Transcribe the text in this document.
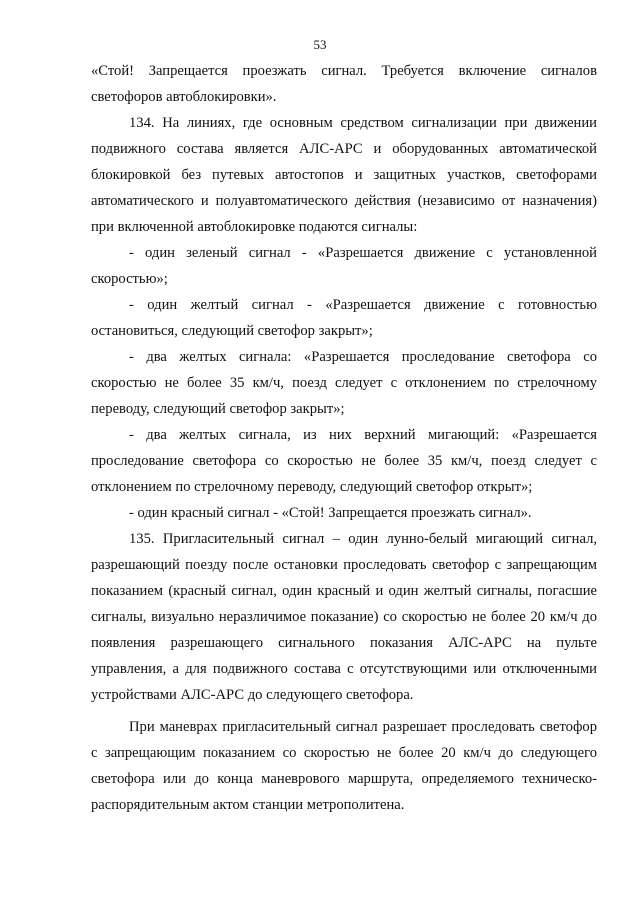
53

«Стой! Запрещается проезжать сигнал. Требуется включение сигналов светофоров автоблокировки».

134. На линиях, где основным средством сигнализации при движении подвижного состава является АЛС-АРС и оборудованных автоматической блокировкой без путевых автостопов и защитных участков, светофорами автоматического и полуавтоматического действия (независимо от назначения) при включенной автоблокировке подаются сигналы:

- один зеленый сигнал - «Разрешается движение с установленной скоростью»;

- один желтый сигнал - «Разрешается движение с готовностью остановиться, следующий светофор закрыт»;

- два желтых сигнала: «Разрешается проследование светофора со скоростью не более 35 км/ч, поезд следует с отклонением по стрелочному переводу, следующий светофор закрыт»;

- два желтых сигнала, из них верхний мигающий: «Разрешается проследование светофора со скоростью не более 35 км/ч, поезд следует с отклонением по стрелочному переводу, следующий светофор открыт»;

- один красный сигнал - «Стой! Запрещается проезжать сигнал».

135. Пригласительный сигнал – один лунно-белый мигающий сигнал, разрешающий поезду после остановки проследовать светофор с запрещающим показанием (красный сигнал, один красный и один желтый сигналы, погасшие сигналы, визуально неразличимое показание) со скоростью не более 20 км/ч до появления разрешающего сигнального показания АЛС-АРС на пульте управления, а для подвижного состава с отсутствующими или отключенными устройствами АЛС-АРС до следующего светофора.

При маневрах пригласительный сигнал разрешает проследовать светофор с запрещающим показанием со скоростью не более 20 км/ч до следующего светофора или до конца маневрового маршрута, определяемого техническо-распорядительным актом станции метрополитена.
